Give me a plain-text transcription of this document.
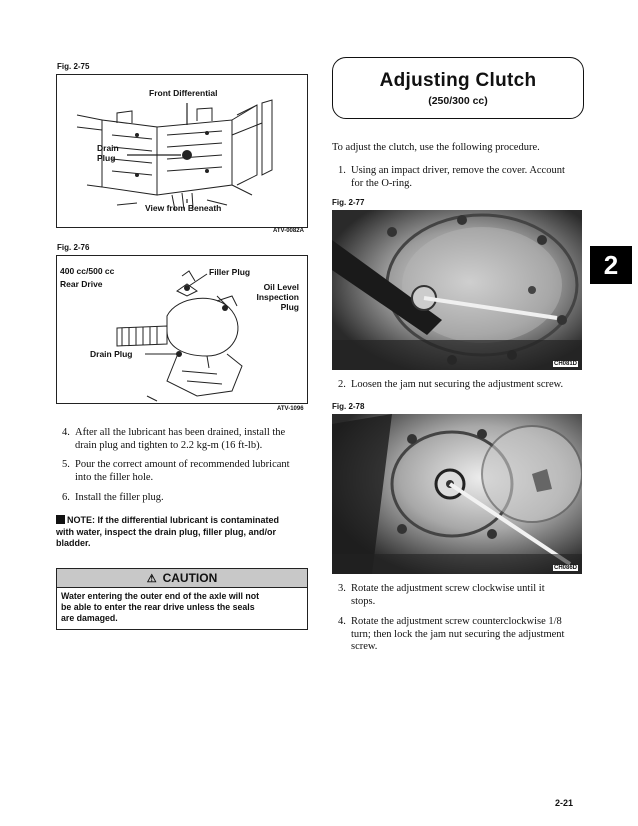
Fig. 2-75
Front Differential
Drain
Plug
View from Beneath
ATV-0082A
Fig. 2-76
400 cc/500 cc
Rear Drive
Filler Plug
Oil Level
Inspection
Plug
Drain Plug
ATV-1096
4. After all the lubricant has been drained, install the
drain plug and tighten to 2.2 kg-m (16 ft-lb).
5. Pour the correct amount of recommended lubricant
into the filler hole.
6. Install the filler plug.
NOTE: If the differential lubricant is contaminated
with water, inspect the drain plug, filler plug, and/or
bladder.
⚠ CAUTION
Water entering the outer end of the axle will not
be able to enter the rear drive unless the seals
are damaged.
Adjusting Clutch
(250/300 cc)
To adjust the clutch, use the following procedure.
1. Using an impact driver, remove the cover. Account
for the O-ring.
Fig. 2-77
CH081D
2. Loosen the jam nut securing the adjustment screw.
Fig. 2-78
CH086D
3. Rotate the adjustment screw clockwise until it
stops.
4. Rotate the adjustment screw counterclockwise 1/8
turn; then lock the jam nut securing the adjustment
screw.
2
2-21
